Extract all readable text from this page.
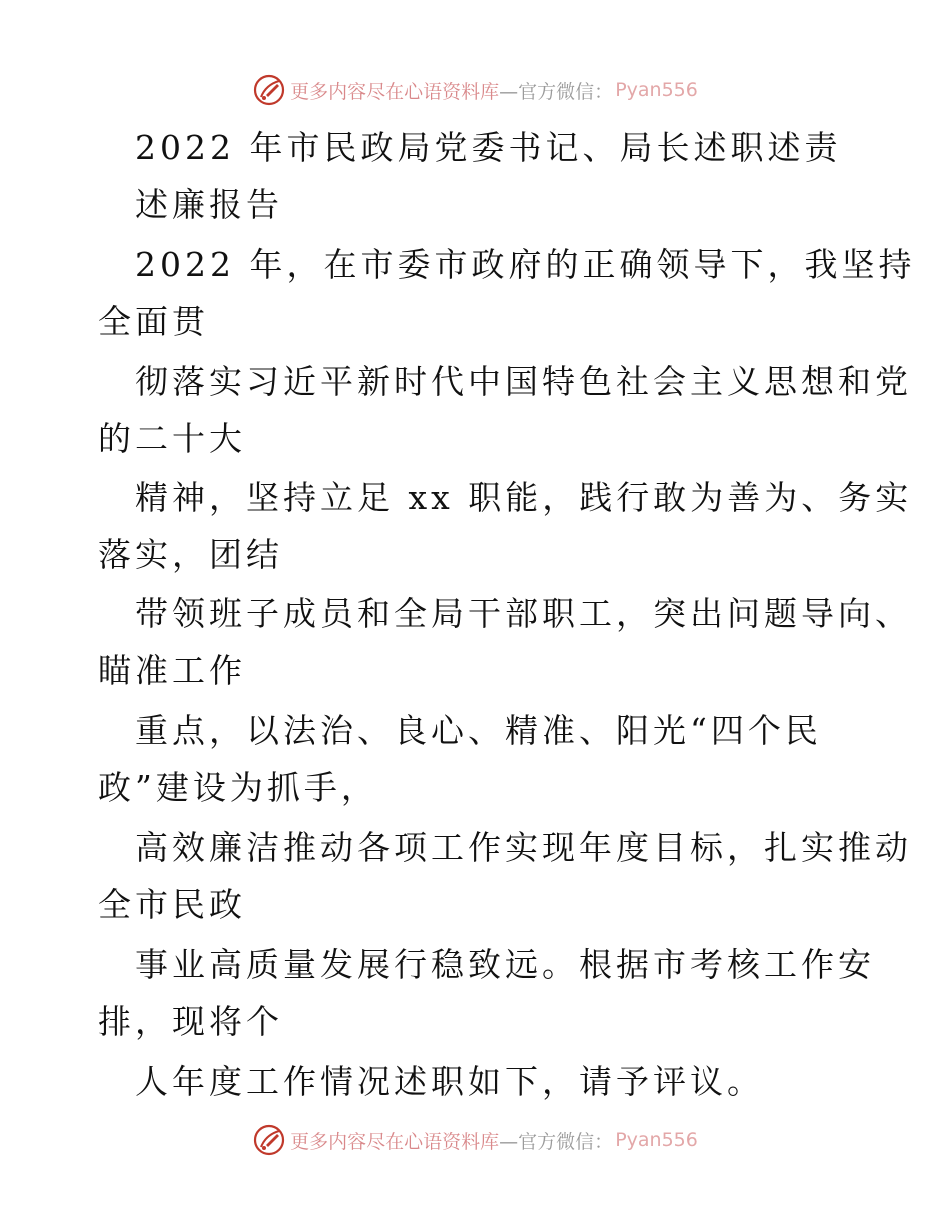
更多内容尽在心语资料库 —官方微信： Pyan556
2022 年市民政局党委书记、局长述职述责
述廉报告
2022 年，在市委市政府的正确领导下，我坚持
全面贯
彻落实习近平新时代中国特色社会主义思想和党
的二十大
精神，坚持立足 xx 职能，践行敢为善为、务实
落实，团结
带领班子成员和全局干部职工，突出问题导向、
瞄准工作
重点，以法治、良心、精准、阳光“四个民
政”建设为抓手，
高效廉洁推动各项工作实现年度目标，扎实推动
全市民政
事业高质量发展行稳致远。根据市考核工作安
排，现将个
人年度工作情况述职如下，请予评议。
更多内容尽在心语资料库 —官方微信： Pyan556
